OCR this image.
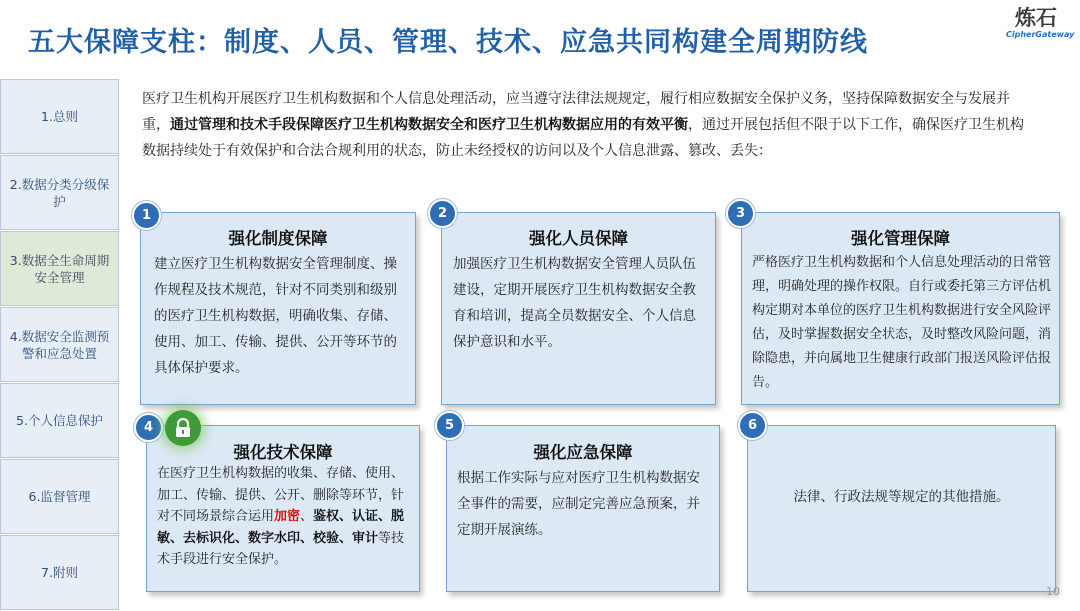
五大保障支柱：制度、人员、管理、技术、应急共同构建全周期防线
炼石
CipherGateway
1.总则
2.数据分类分级保护
3.数据全生命周期安全管理
4.数据安全监测预警和应急处置
5.个人信息保护
6.监督管理
7.附则
医疗卫生机构开展医疗卫生机构数据和个人信息处理活动，应当遵守法律法规规定，履行相应数据安全保护义务，坚持保障数据安全与发展并重，通过管理和技术手段保障医疗卫生机构数据安全和医疗卫生机构数据应用的有效平衡，通过开展包括但不限于以下工作，确保医疗卫生机构数据持续处于有效保护和合法合规利用的状态，防止未经授权的访问以及个人信息泄露、篡改、丢失：
强化制度保障
建立医疗卫生机构数据安全管理制度、操作规程及技术规范，针对不同类别和级别的医疗卫生机构数据，明确收集、存储、使用、加工、传输、提供、公开等环节的具体保护要求。
1
强化人员保障
加强医疗卫生机构数据安全管理人员队伍建设，定期开展医疗卫生机构数据安全教育和培训，提高全员数据安全、个人信息保护意识和水平。
2
强化管理保障
严格医疗卫生机构数据和个人信息处理活动的日常管理，明确处理的操作权限。自行或委托第三方评估机构定期对本单位的医疗卫生机构数据进行安全风险评估，及时掌握数据安全状态，及时整改风险问题，消除隐患，并向属地卫生健康行政部门报送风险评估报告。
3
强化技术保障
在医疗卫生机构数据的收集、存储、使用、加工、传输、提供、公开、删除等环节，针对不同场景综合运用加密、鉴权、认证、脱敏、去标识化、数字水印、校验、审计等技术手段进行安全保护。
4
强化应急保障
根据工作实际与应对医疗卫生机构数据安全事件的需要，应制定完善应急预案，并定期开展演练。
5
法律、行政法规等规定的其他措施。
6
10
